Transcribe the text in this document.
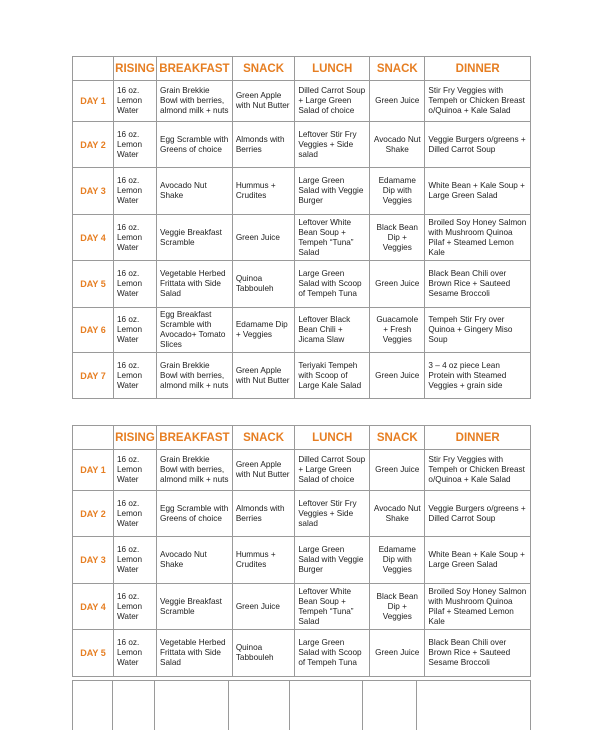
	RISING	BREAKFAST	SNACK	LUNCH	SNACK	DINNER
DAY 1	16 oz. Lemon Water	Grain Brekkie Bowl with berries, almond milk + nuts	Green Apple with Nut Butter	Dilled Carrot Soup + Large Green Salad of choice	Green Juice	Stir Fry Veggies with Tempeh or Chicken Breast o/Quinoa + Kale Salad
DAY 2	16 oz. Lemon Water	Egg Scramble with Greens of choice	Almonds with Berries	Leftover Stir Fry Veggies + Side salad	Avocado Nut Shake	Veggie Burgers o/greens + Dilled Carrot Soup
DAY 3	16 oz. Lemon Water	Avocado Nut Shake	Hummus + Crudites	Large Green Salad with Veggie Burger	Edamame Dip with Veggies	White Bean + Kale Soup + Large Green Salad
DAY 4	16 oz. Lemon Water	Veggie Breakfast Scramble	Green Juice	Leftover White Bean Soup + Tempeh “Tuna” Salad	Black Bean Dip + Veggies	Broiled Soy Honey Salmon with Mushroom Quinoa Pilaf + Steamed Lemon Kale
DAY 5	16 oz. Lemon Water	Vegetable Herbed Frittata with Side Salad	Quinoa Tabbouleh	Large Green Salad with Scoop of Tempeh Tuna	Green Juice	Black Bean Chili over Brown Rice + Sauteed Sesame Broccoli
DAY 6	16 oz. Lemon Water	Egg Breakfast Scramble with Avocado+ Tomato Slices	Edamame Dip + Veggies	Leftover Black Bean Chili + Jicama Slaw	Guacamole + Fresh Veggies	Tempeh Stir Fry over Quinoa + Gingery Miso Soup
DAY 7	16 oz. Lemon Water	Grain Brekkie Bowl with berries, almond milk + nuts	Green Apple with Nut Butter	Teriyaki Tempeh with Scoop of Large Kale Salad	Green Juice	3 – 4 oz piece Lean Protein with Steamed Veggies + grain side
	RISING	BREAKFAST	SNACK	LUNCH	SNACK	DINNER
DAY 1	16 oz. Lemon Water	Grain Brekkie Bowl with berries, almond milk + nuts	Green Apple with Nut Butter	Dilled Carrot Soup + Large Green Salad of choice	Green Juice	Stir Fry Veggies with Tempeh or Chicken Breast o/Quinoa + Kale Salad
DAY 2	16 oz. Lemon Water	Egg Scramble with Greens of choice	Almonds with Berries	Leftover Stir Fry Veggies + Side salad	Avocado Nut Shake	Veggie Burgers o/greens + Dilled Carrot Soup
DAY 3	16 oz. Lemon Water	Avocado Nut Shake	Hummus + Crudites	Large Green Salad with Veggie Burger	Edamame Dip with Veggies	White Bean + Kale Soup + Large Green Salad
DAY 4	16 oz. Lemon Water	Veggie Breakfast Scramble	Green Juice	Leftover White Bean Soup + Tempeh “Tuna” Salad	Black Bean Dip + Veggies	Broiled Soy Honey Salmon with Mushroom Quinoa Pilaf + Steamed Lemon Kale
DAY 5	16 oz. Lemon Water	Vegetable Herbed Frittata with Side Salad	Quinoa Tabbouleh	Large Green Salad with Scoop of Tempeh Tuna	Green Juice	Black Bean Chili over Brown Rice + Sauteed Sesame Broccoli
